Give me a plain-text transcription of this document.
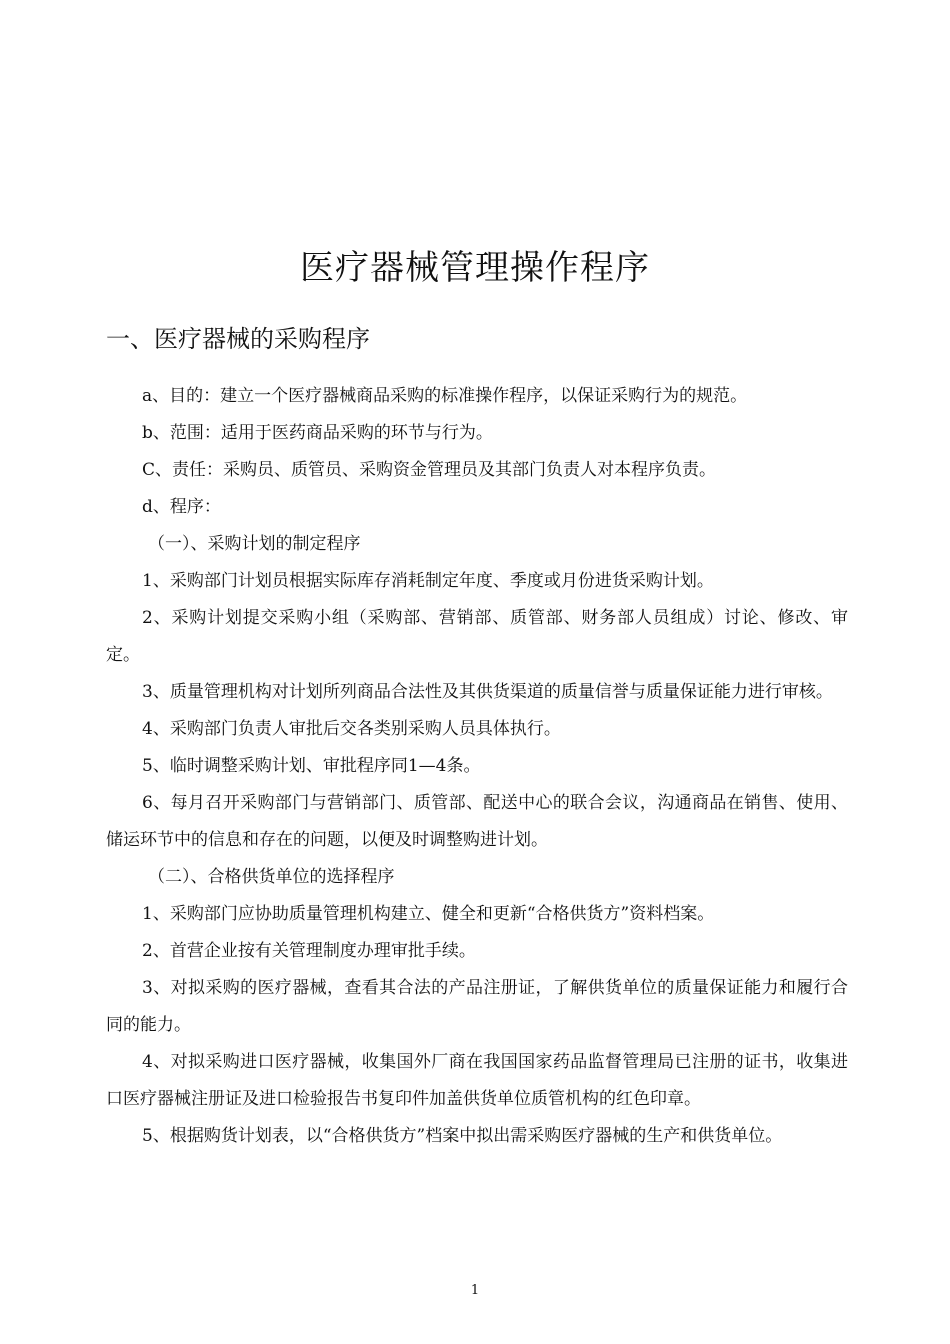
医疗器械管理操作程序
一、医疗器械的采购程序

a、目的：建立一个医疗器械商品采购的标准操作程序，以保证采购行为的规范。

b、范围：适用于医药商品采购的环节与行为。

C、责任：采购员、质管员、采购资金管理员及其部门负责人对本程序负责。

d、程序：

（一）、采购计划的制定程序

1、采购部门计划员根据实际库存消耗制定年度、季度或月份进货采购计划。

2、采购计划提交采购小组（采购部、营销部、质管部、财务部人员组成）讨论、修改、审定。

3、质量管理机构对计划所列商品合法性及其供货渠道的质量信誉与质量保证能力进行审核。

4、采购部门负责人审批后交各类别采购人员具体执行。

5、临时调整采购计划、审批程序同1—4条。

6、每月召开采购部门与营销部门、质管部、配送中心的联合会议，沟通商品在销售、使用、储运环节中的信息和存在的问题，以便及时调整购进计划。

（二）、合格供货单位的选择程序

1、采购部门应协助质量管理机构建立、健全和更新“合格供货方”资料档案。

2、首营企业按有关管理制度办理审批手续。

3、对拟采购的医疗器械，查看其合法的产品注册证，了解供货单位的质量保证能力和履行合同的能力。

4、对拟采购进口医疗器械，收集国外厂商在我国国家药品监督管理局已注册的证书，收集进口医疗器械注册证及进口检验报告书复印件加盖供货单位质管机构的红色印章。

5、根据购货计划表，以“合格供货方”档案中拟出需采购医疗器械的生产和供货单位。

1
